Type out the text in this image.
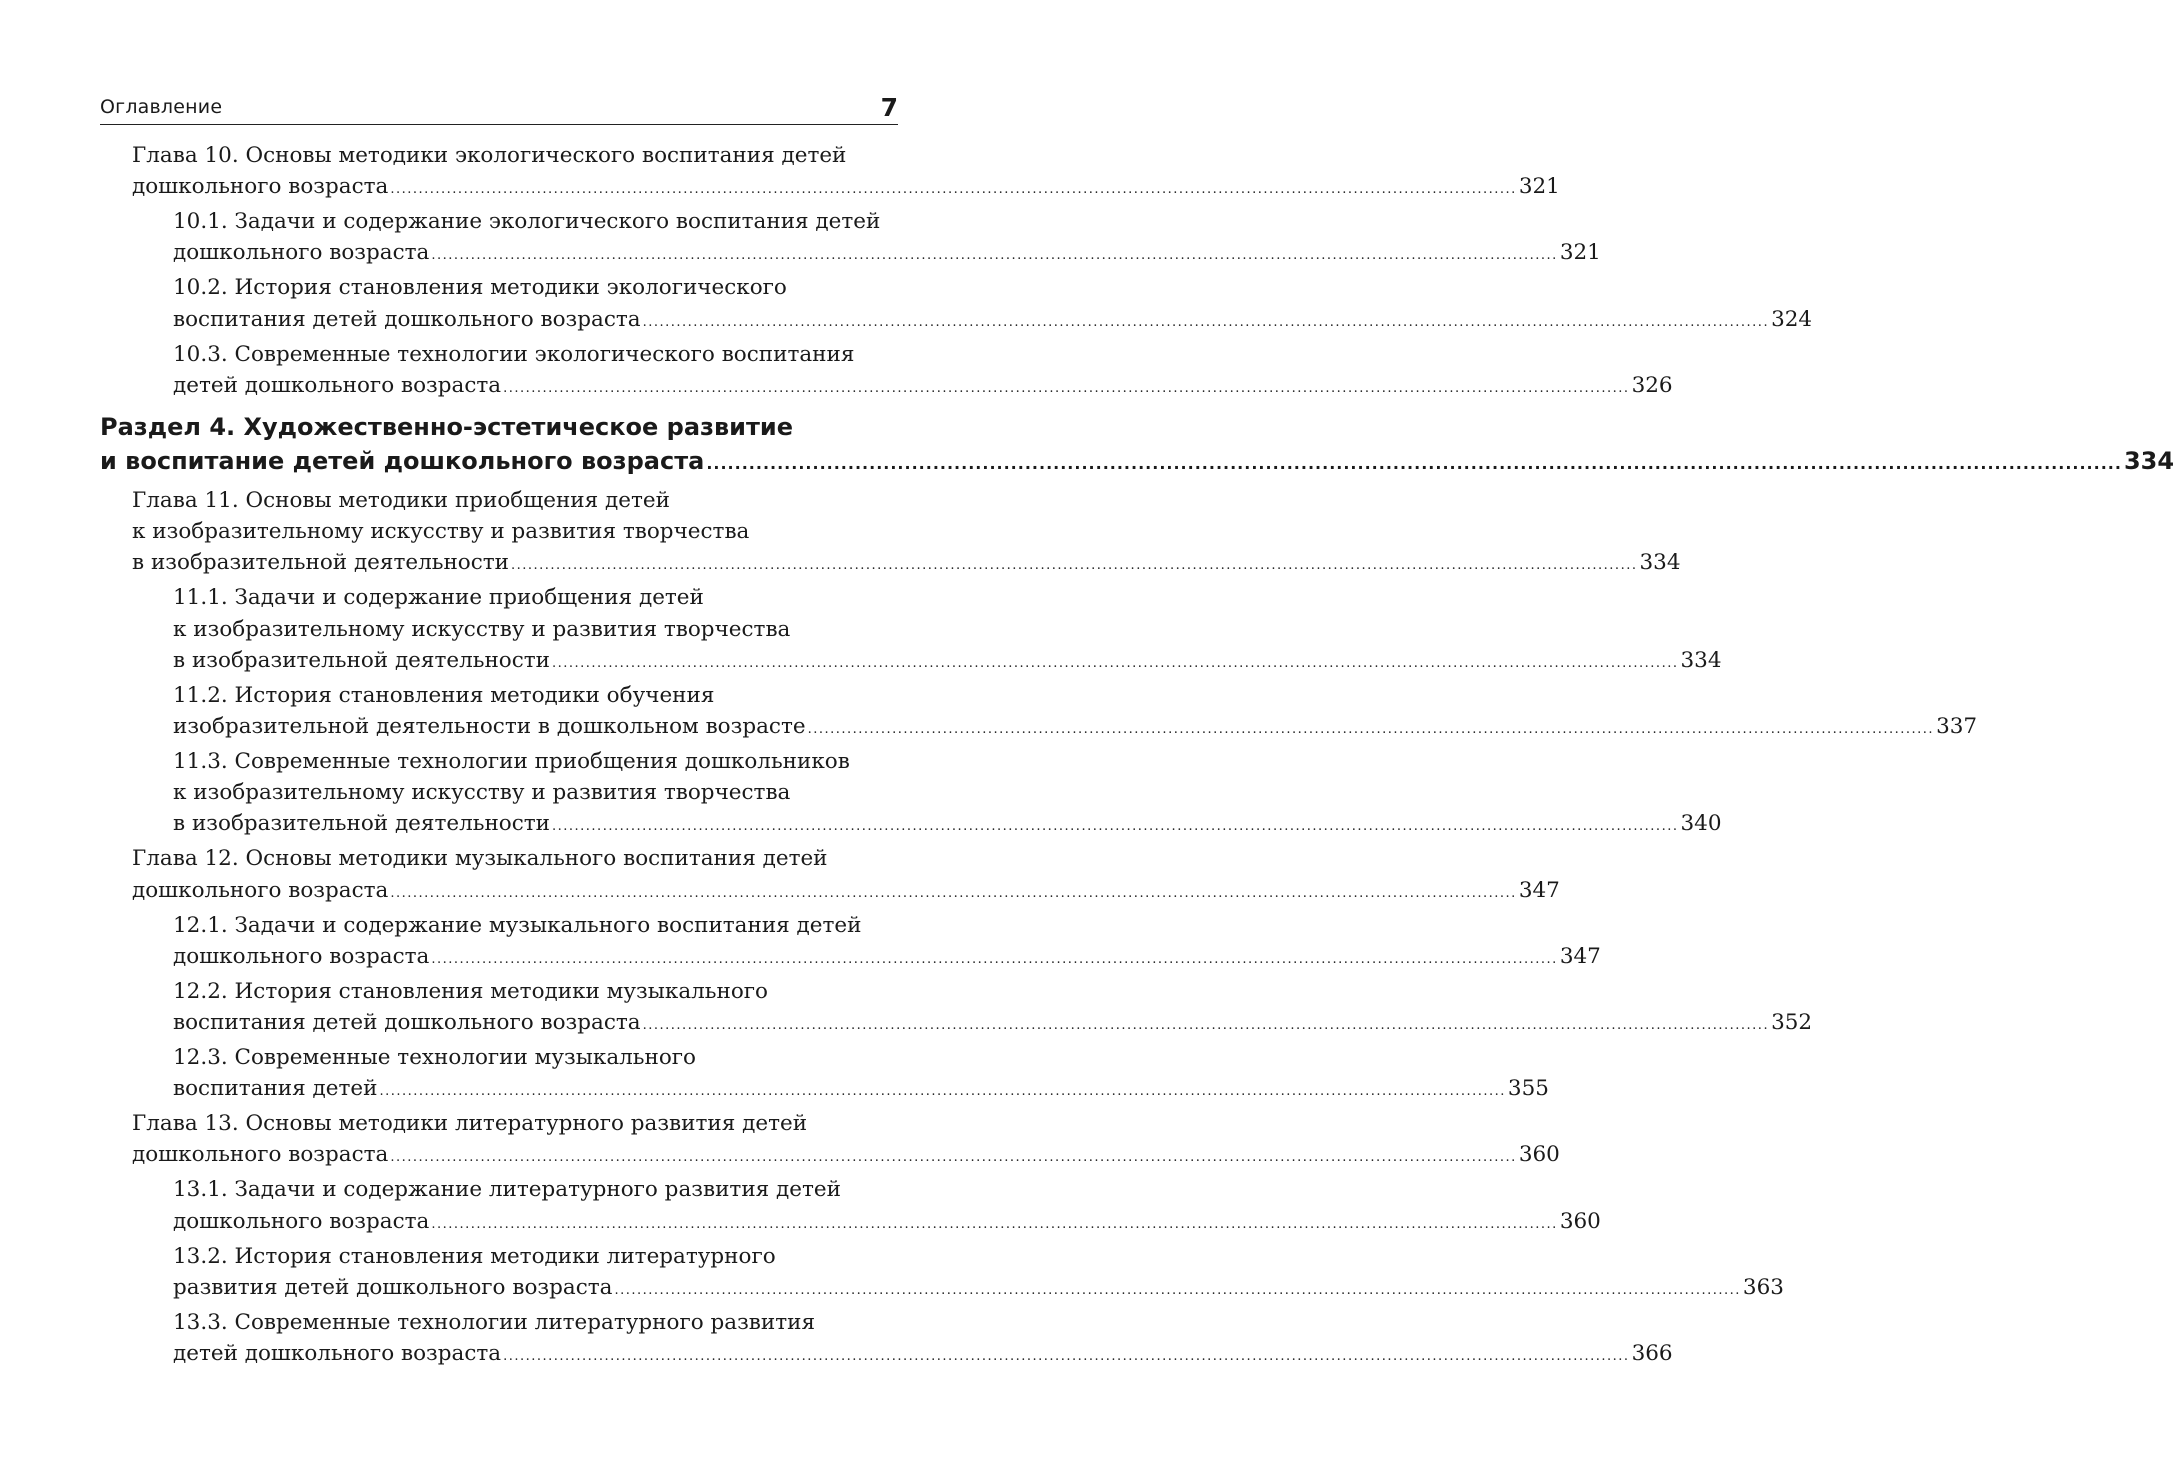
Оглавление	7
Глава 10. Основы методики экологического воспитания детей
дошкольного возраста ........................................................................................................................................................................................................ 321
10.1. Задачи и содержание экологического воспитания детей
дошкольного возраста ........................................................................................................................................................................................................ 321
10.2. История становления методики экологического
воспитания детей дошкольного возраста ........................................................................................................................................................................................................ 324
10.3. Современные технологии экологического воспитания
детей дошкольного возраста ........................................................................................................................................................................................................ 326
Раздел 4. Художественно-эстетическое развитие
и воспитание детей дошкольного возраста ........................................................................................................................................................................................................ 334
Глава 11. Основы методики приобщения детей
к изобразительному искусству и развития творчества
в изобразительной деятельности ........................................................................................................................................................................................................ 334
11.1. Задачи и содержание приобщения детей
к изобразительному искусству и развития творчества
в изобразительной деятельности ........................................................................................................................................................................................................ 334
11.2. История становления методики обучения
изобразительной деятельности в дошкольном возрасте ........................................................................................................................................................................................................ 337
11.3. Современные технологии приобщения дошкольников
к изобразительному искусству и развития творчества
в изобразительной деятельности ........................................................................................................................................................................................................ 340
Глава 12. Основы методики музыкального воспитания детей
дошкольного возраста ........................................................................................................................................................................................................ 347
12.1. Задачи и содержание музыкального воспитания детей
дошкольного возраста ........................................................................................................................................................................................................ 347
12.2. История становления методики музыкального
воспитания детей дошкольного возраста ........................................................................................................................................................................................................ 352
12.3. Современные технологии музыкального
воспитания детей ........................................................................................................................................................................................................ 355
Глава 13. Основы методики литературного развития детей
дошкольного возраста ........................................................................................................................................................................................................ 360
13.1. Задачи и содержание литературного развития детей
дошкольного возраста ........................................................................................................................................................................................................ 360
13.2. История становления методики литературного
развития детей дошкольного возраста ........................................................................................................................................................................................................ 363
13.3. Современные технологии литературного развития
детей дошкольного возраста ........................................................................................................................................................................................................ 366
